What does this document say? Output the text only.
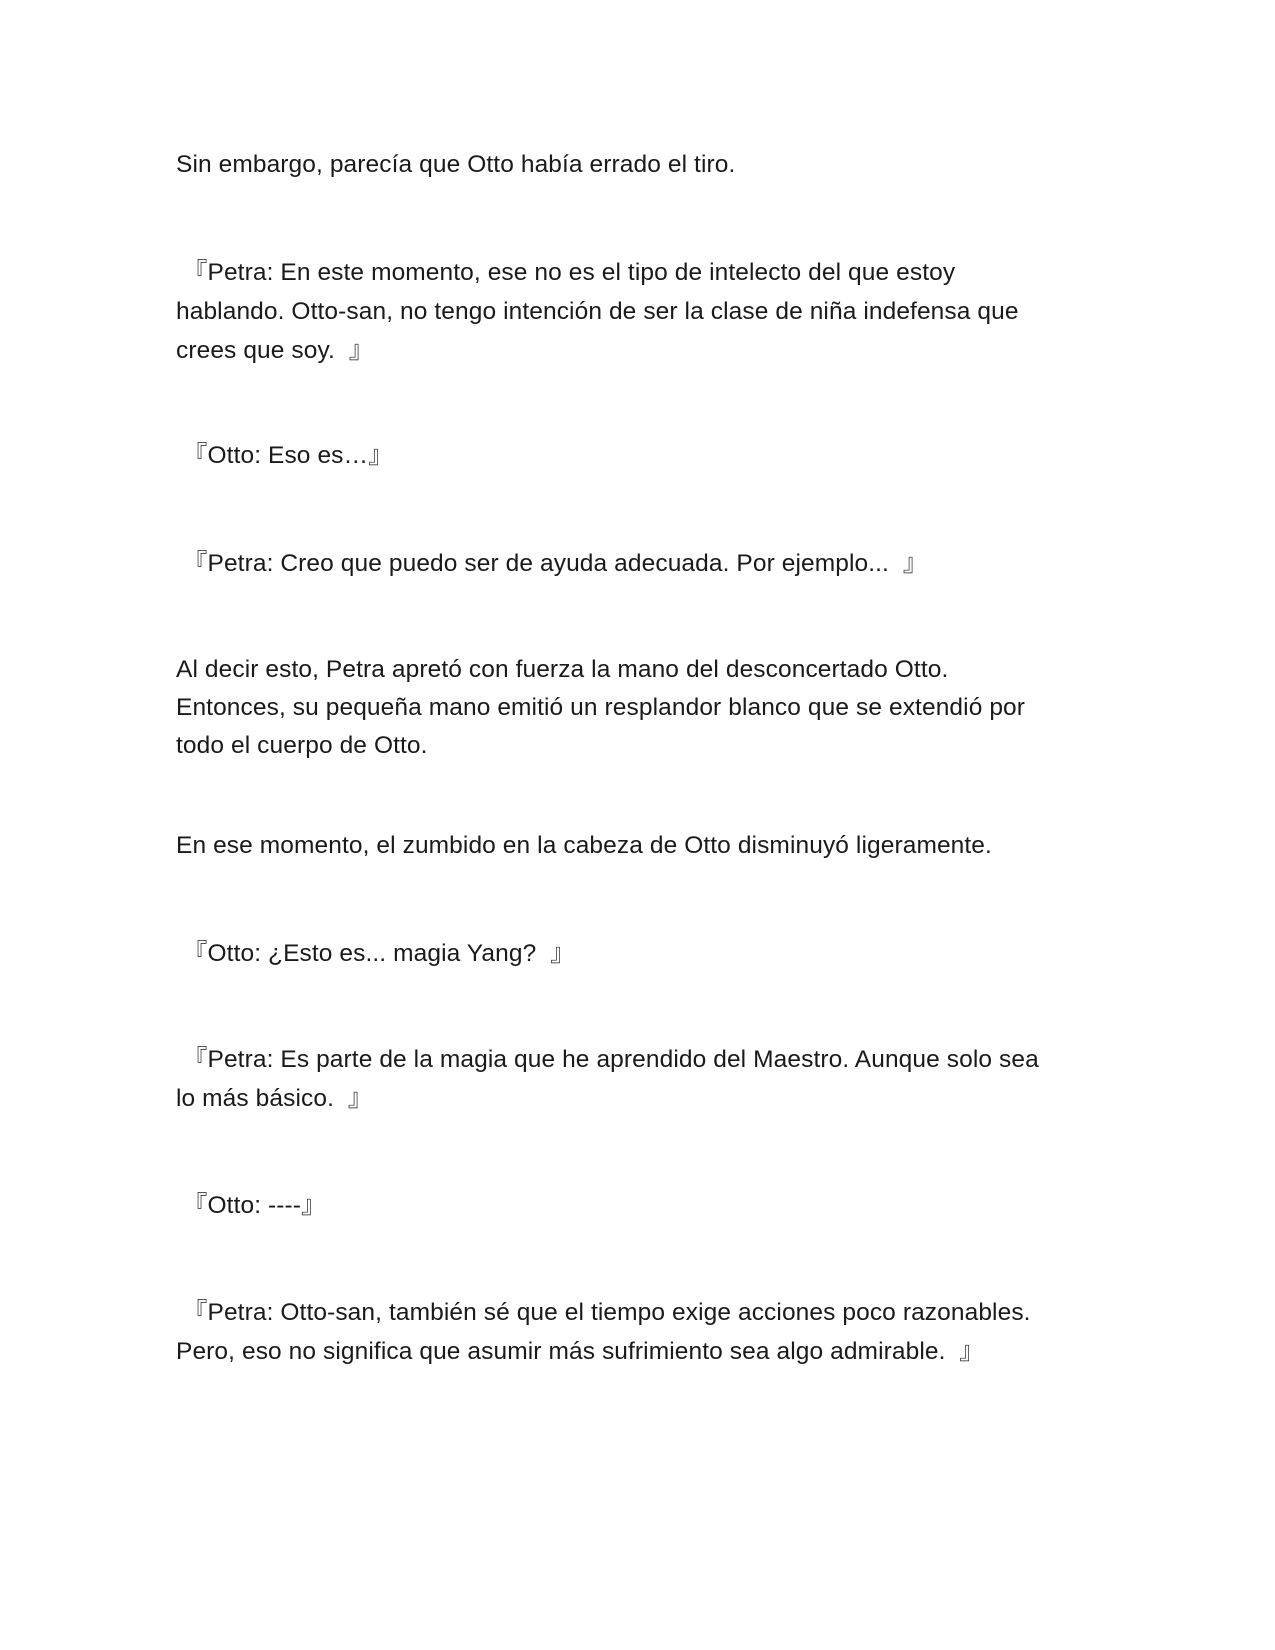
Sin embargo, parecía que Otto había errado el tiro.

『Petra: En este momento, ese no es el tipo de intelecto del que estoy
hablando. Otto-san, no tengo intención de ser la clase de niña indefensa que
crees que soy.  』

『Otto: Eso es…』

『Petra: Creo que puedo ser de ayuda adecuada. Por ejemplo...  』

Al decir esto, Petra apretó con fuerza la mano del desconcertado Otto.
Entonces, su pequeña mano emitió un resplandor blanco que se extendió por
todo el cuerpo de Otto.

En ese momento, el zumbido en la cabeza de Otto disminuyó ligeramente.

『Otto: ¿Esto es... magia Yang?  』

『Petra: Es parte de la magia que he aprendido del Maestro. Aunque solo sea
lo más básico.  』

『Otto: ----』

『Petra: Otto-san, también sé que el tiempo exige acciones poco razonables.
Pero, eso no significa que asumir más sufrimiento sea algo admirable.  』
